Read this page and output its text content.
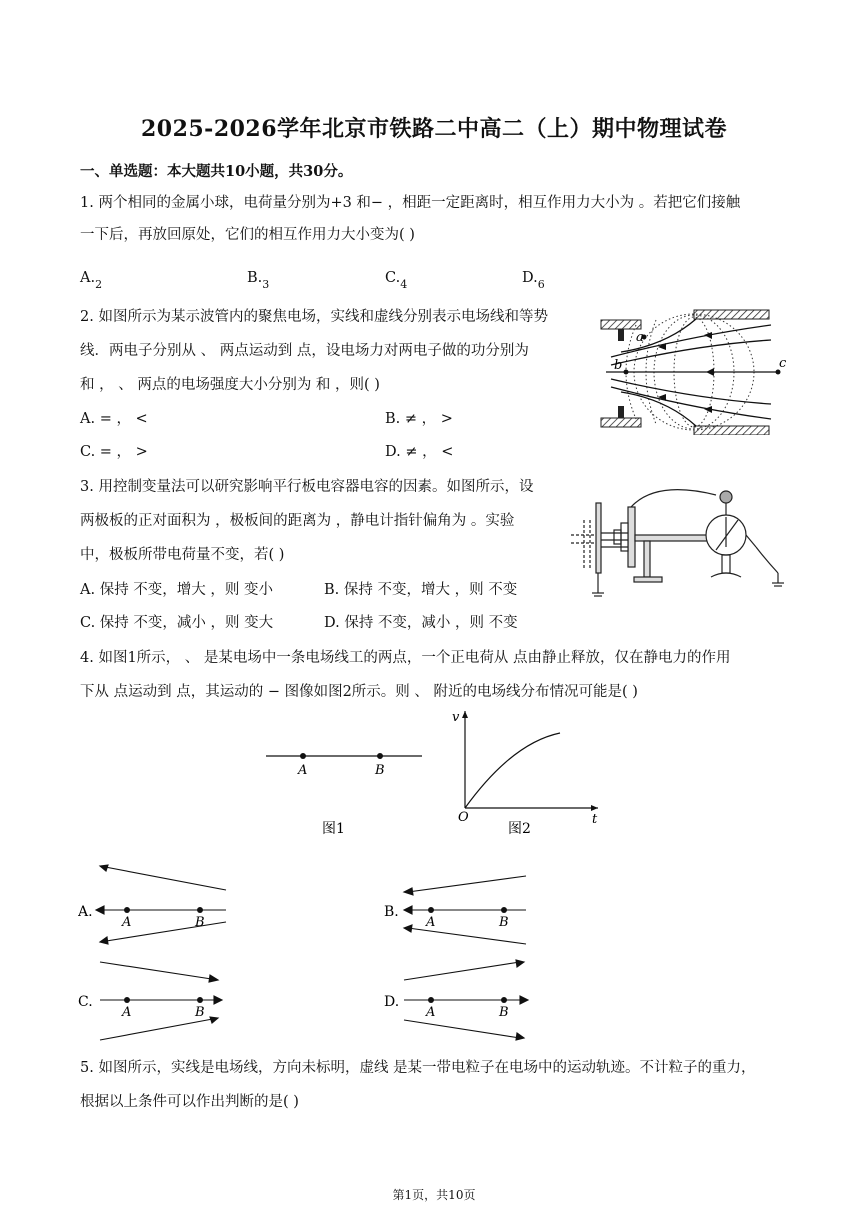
2025-2026学年北京市铁路二中高二（上）期中物理试卷
一、单选题：本大题共10小题，共30分。
1. 两个相同的金属小球，电荷量分别为+3 和− ，相距一定距离时，相互作用力大小为 。若把它们接触
一下后，再放回原处，它们的相互作用力大小变为( )
$A._2$	$B._3$	$C._4$	$D._6$
2. 如图所示为某示波管内的聚焦电场，实线和虚线分别表示电场线和等势
线．两电子分别从 、 两点运动到 点，设电场力对两电子做的功分别为
和 ， 、 两点的电场强度大小分别为 和 ，则( )
A. = ， <	B. ≠ ， >
C. = ， >	D. ≠ ， <
a
b	c
3. 用控制变量法可以研究影响平行板电容器电容的因素。如图所示，设
两极板的正对面积为 ，极板间的距离为 ，静电计指针偏角为 。实验
中，极板所带电荷量不变，若( )
A. 保持 不变，增大 ，则 变小	B. 保持 不变，增大 ，则 不变
C. 保持 不变，减小 ，则 变大	D. 保持 不变，减小 ，则 不变
4. 如图1所示， 、 是某电场中一条电场线工的两点，一个正电荷从 点由静止释放，仅在静电力的作用
下从 点运动到 点，其运动的 − 图像如图2所示。则 、 附近的电场线分布情况可能是( )
A	B
图1
v
t
O
图2
A.
C.
A	B
A	B
B.
D.
A	B
A	B
5. 如图所示，实线是电场线，方向未标明，虚线 是某一带电粒子在电场中的运动轨迹。不计粒子的重力，
根据以上条件可以作出判断的是( )
第1页，共10页
